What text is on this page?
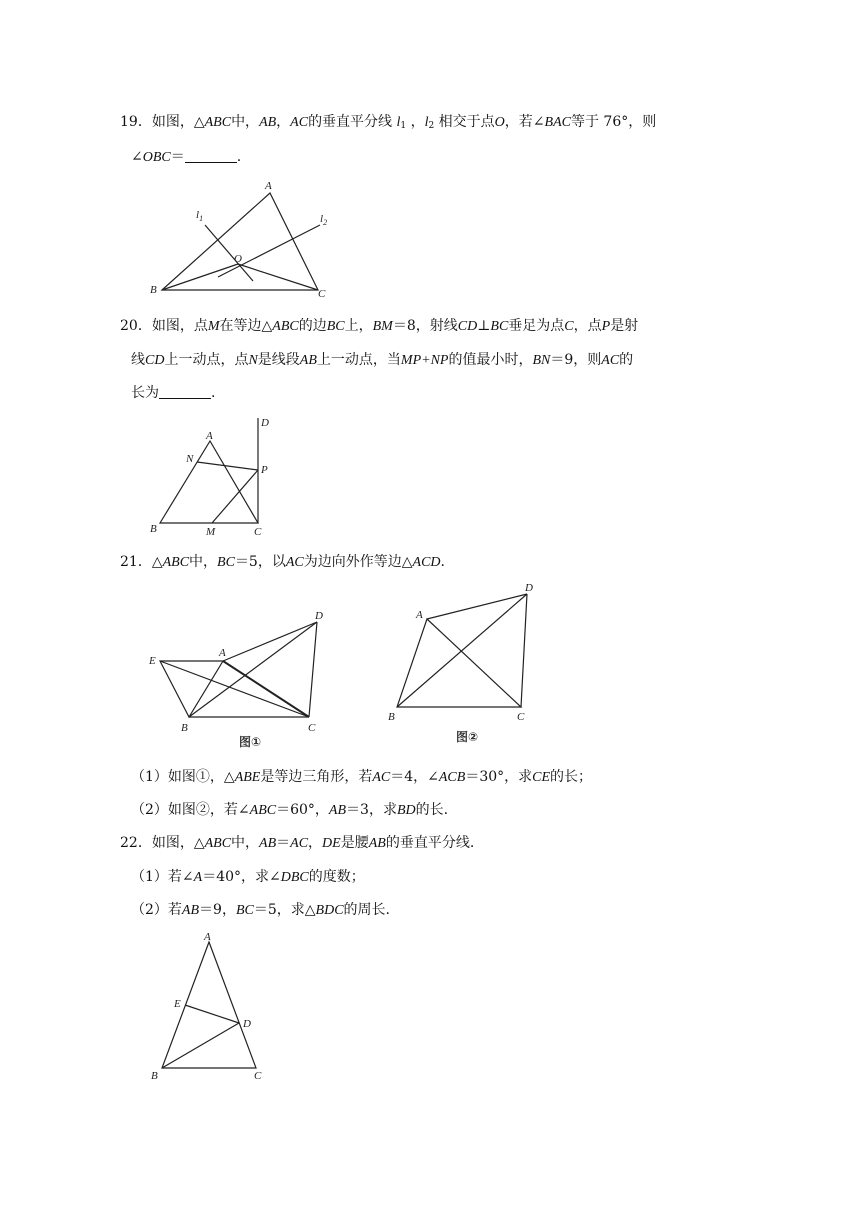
19．如图，△ABC中，AB，AC的垂直平分线 l1 ，l2 相交于点O，若∠BAC等于 76°，则
∠OBC＝	.
A
B	C
O
$l_1$	$l_2$
20．如图，点M在等边△ABC的边BC上，BM＝8，射线CD⊥BC垂足为点C，点P是射
线CD上一动点，点N是线段AB上一动点，当MP+NP的值最小时，BN＝9，则AC的
长为	.
A
B	C
D
N
P
M
21．△ABC中，BC＝5，以AC为边向外作等边△ACD.
A
B	C
D
E
图①
A
B	C
D
图②
（1）如图①，△ABE是等边三角形，若AC＝4，∠ACB＝30°，求CE的长；
（2）如图②，若∠ABC＝60°，AB＝3，求BD的长.
22．如图，△ABC中，AB＝AC，DE是腰AB的垂直平分线.
（1）若∠A＝40°，求∠DBC的度数；
（2）若AB＝9，BC＝5，求△BDC的周长.
A
B	C
D
E
